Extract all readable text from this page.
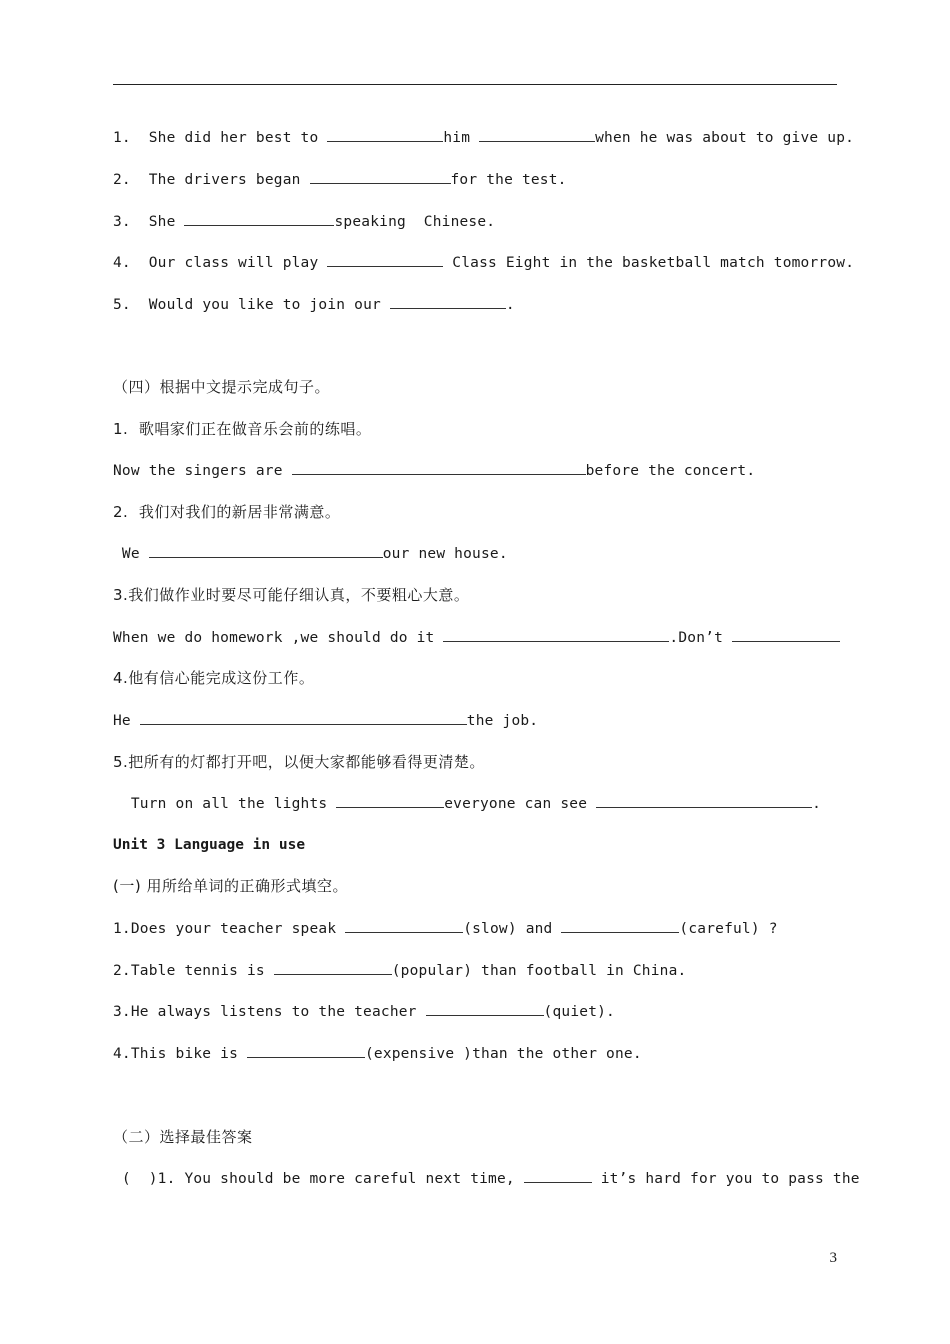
1. She did her best to	him	when he was about to give up.
2. The drivers began	for the test.
3. She	speaking  Chinese.
4. Our class will play	Class Eight in the basketball match tomorrow.
5. Would you like to join our	.
（四）根据中文提示完成句子。
1.  歌唱家们正在做音乐会前的练唱。
Now the singers are	before the concert.
2.  我们对我们的新居非常满意。
We	our new house.
3.我们做作业时要尽可能仔细认真，不要粗心大意。
When we do homework ,we should do it	.Don’t
4.他有信心能完成这份工作。
He	the job.
5.把所有的灯都打开吧，以便大家都能够看得更清楚。
Turn on all the lights	everyone can see	.
Unit 3 Language in use
(一) 用所给单词的正确形式填空。
1.Does your teacher speak	(slow) and	(careful) ?
2.Table tennis is	(popular) than football in China.
3.He always listens to the teacher	(quiet).
4.This bike is	(expensive )than the other one.
（二）选择最佳答案
(  )1. You should be more careful next time,	it’s hard for you to pass the
3
